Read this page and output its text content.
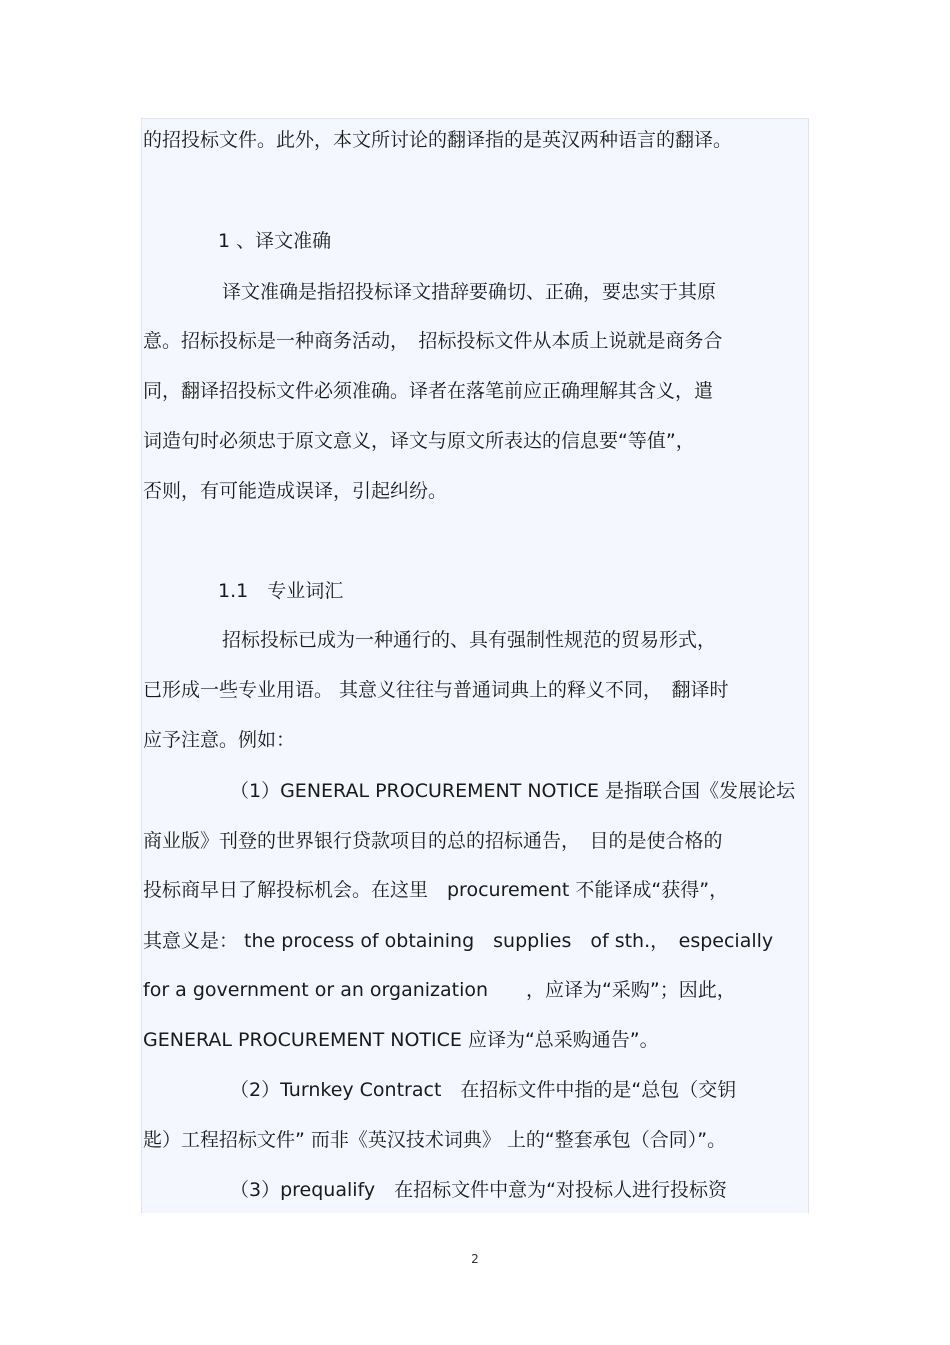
的招投标文件。此外，本文所讨论的翻译指的是英汉两种语言的翻译。
1 、译文准确
译文准确是指招投标译文措辞要确切、正确，要忠实于其原
意。招标投标是一种商务活动，　招标投标文件从本质上说就是商务合
同，翻译招投标文件必须准确。译者在落笔前应正确理解其含义，遣
词造句时必须忠于原文意义，译文与原文所表达的信息要“等值”，
否则，有可能造成误译，引起纠纷。
1.1　专业词汇
招标投标已成为一种通行的、具有强制性规范的贸易形式，
已形成一些专业用语。 其意义往往与普通词典上的释义不同，　翻译时
应予注意。例如：
（1）GENERAL PROCUREMENT NOTICE 是指联合国《发展论坛
商业版》刊登的世界银行贷款项目的总的招标通告，　目的是使合格的
投标商早日了解投标机会。在这里　procurement 不能译成“获得”，
其意义是： the process of obtaining　supplies　of sth.，　especially
for a government or an organization　　，应译为“采购”；因此，
GENERAL PROCUREMENT NOTICE 应译为“总采购通告”。
（2）Turnkey Contract　在招标文件中指的是“总包（交钥
匙）工程招标文件” 而非《英汉技术词典》 上的“整套承包（合同）”。
（3）prequalify　在招标文件中意为“对投标人进行投标资
2
